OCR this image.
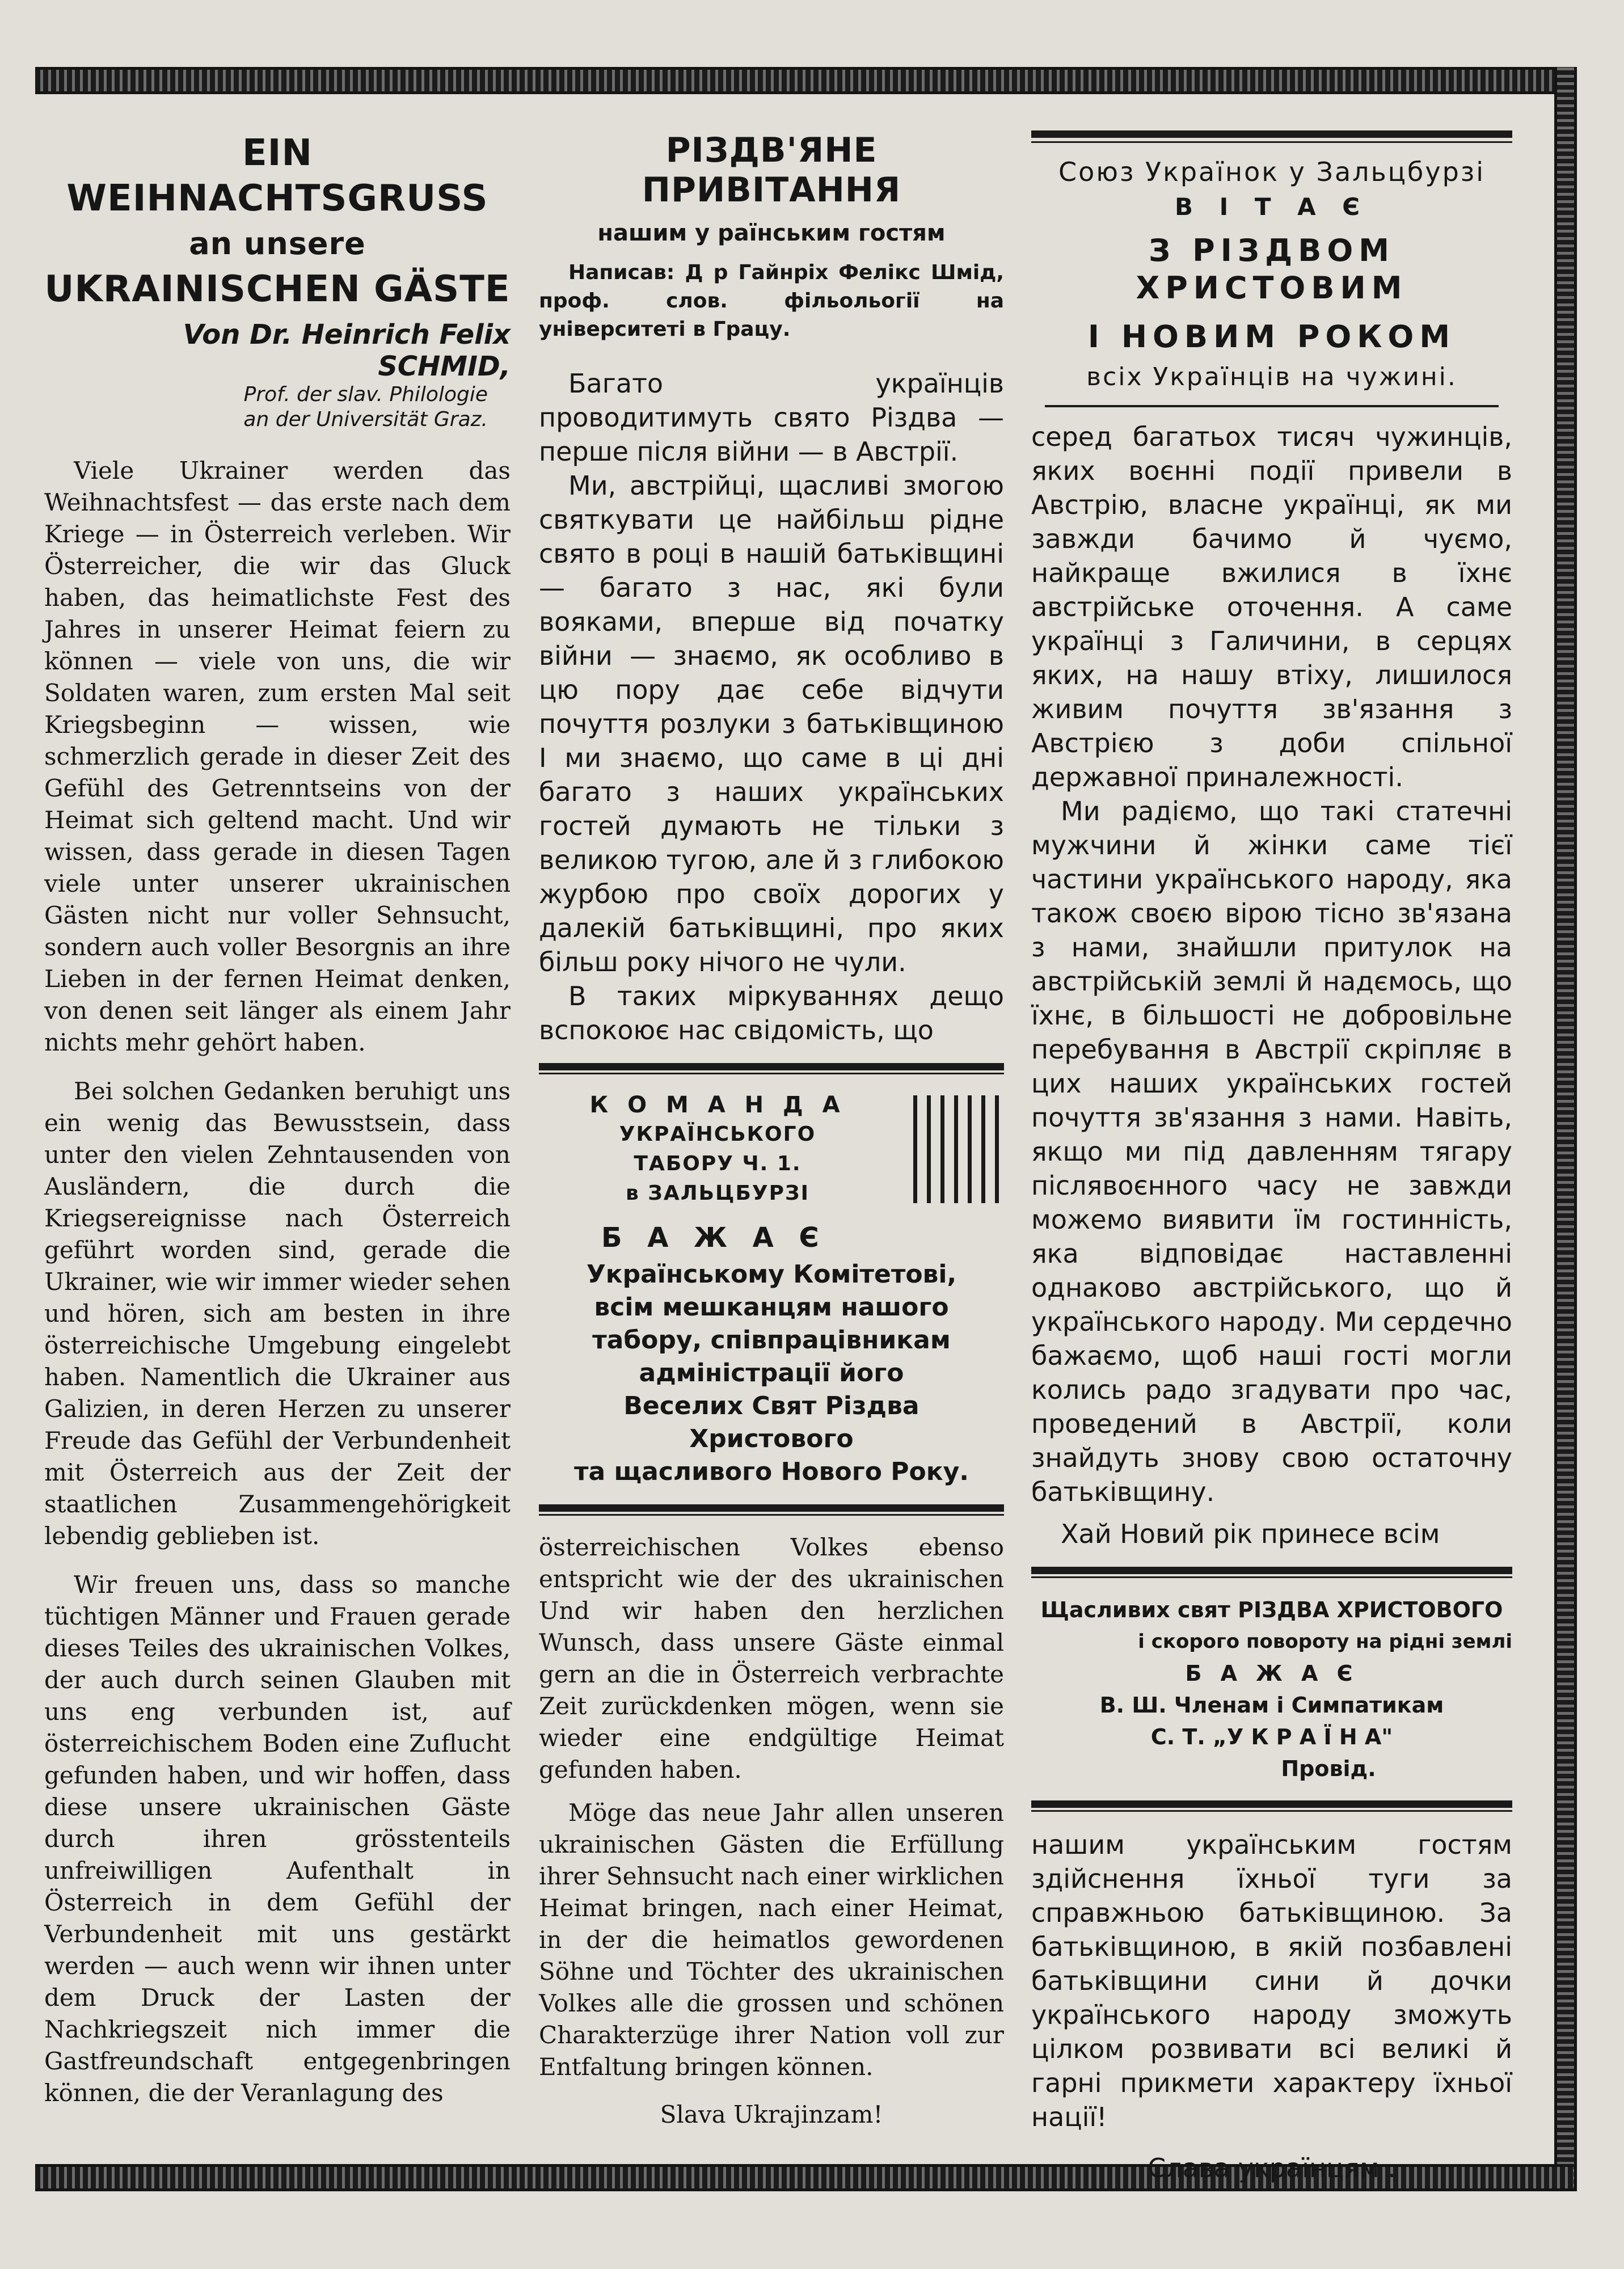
EIN WEIHNACHTSGRUSS
an unsere
UKRAINISCHEN GÄSTE
Von Dr. Heinrich Felix SCHMID,
Prof. der slav. Philologie
an der Universität Graz.

Viele Ukrainer werden das Weihnachtsfest — das erste nach dem Kriege — in Österreich verleben. Wir Österreicher, die wir das Gluck haben, das heimatlichste Fest des Jahres in unserer Heimat feiern zu können — viele von uns, die wir Soldaten waren, zum ersten Mal seit Kriegsbeginn — wissen, wie schmerzlich gerade in dieser Zeit des Gefühl des Getrenntseins von der Heimat sich geltend macht. Und wir wissen, dass gerade in diesen Tagen viele unter unserer ukrainischen Gästen nicht nur voller Sehnsucht, sondern auch voller Besorgnis an ihre Lieben in der fernen Heimat denken, von denen seit länger als einem Jahr nichts mehr gehört haben.

Bei solchen Gedanken beruhigt uns ein wenig das Bewusstsein, dass unter den vielen Zehntausenden von Ausländern, die durch die Kriegsereignisse nach Österreich geführt worden sind, gerade die Ukrainer, wie wir immer wieder sehen und hören, sich am besten in ihre österreichische Umgebung eingelebt haben. Namentlich die Ukrainer aus Galizien, in deren Herzen zu unserer Freude das Gefühl der Verbundenheit mit Österreich aus der Zeit der staatlichen Zusammengehörigkeit lebendig geblieben ist.

Wir freuen uns, dass so manche tüchtigen Männer und Frauen gerade dieses Teiles des ukrainischen Volkes, der auch durch seinen Glauben mit uns eng verbunden ist, auf österreichischem Boden eine Zuflucht gefunden haben, und wir hoffen, dass diese unsere ukrainischen Gäste durch ihren grösstenteils unfreiwilligen Aufenthalt in Österreich in dem Gefühl der Verbundenheit mit uns gestärkt werden — auch wenn wir ihnen unter dem Druck der Lasten der Nachkriegszeit nich immer die Gastfreundschaft entgegenbringen können, die der Veranlagung des

РІЗДВ'ЯНЕ ПРИВІТАННЯ
нашим у раїнським гостям

Написав: Д р Гайнріх Фелікс Шмід, проф. слов. фільольогії на університеті в Грацу.

Багато українців проводитимуть свято Різдва — перше після війни — в Австрії.

Ми, австрійці, щасливі змогою святкувати це найбільш рідне свято в році в нашій батьківщині — багато з нас, які були вояками, вперше від початку війни — знаємо, як особливо в цю пору дає себе відчути почуття розлуки з батьківщиною І ми знаємо, що саме в ці дні багато з наших українських гостей думають не тільки з великою тугою, але й з глибокою журбою про своїх дорогих у далекій батьківщині, про яких більш року нічого не чули.

В таких міркуваннях дещо вспокоює нас свідомість, що

К О М А Н Д А
УКРАЇНСЬКОГО
ТАБОРУ Ч. 1.
в ЗАЛЬЦБУРЗІ
Б А Ж А Є
Українському Комітетові,
всім мешканцям нашого
табору, співпрацівникам
адміністрації його
Веселих Свят Різдва Христового
та щасливого Нового Року.

österreichischen Volkes ebenso entspricht wie der des ukrainischen Und wir haben den herzlichen Wunsch, dass unsere Gäste einmal gern an die in Österreich verbrachte Zeit zurückdenken mögen, wenn sie wieder eine endgültige Heimat gefunden haben.

Möge das neue Jahr allen unseren ukrainischen Gästen die Erfüllung ihrer Sehnsucht nach einer wirklichen Heimat bringen, nach einer Heimat, in der die heimatlos gewordenen Söhne und Töchter des ukrainischen Volkes alle die grossen und schönen Charakterzüge ihrer Nation voll zur Entfaltung bringen können.

Slava Ukrajinzam!

Союз Українок у Зальцбурзі
В І Т А Є
З РІЗДВОМ ХРИСТОВИМ
І НОВИМ РОКОМ
всіх Українців на чужині.

серед багатьох тисяч чужинців, яких воєнні події привели в Австрію, власне українці, як ми завжди бачимо й чуємо, найкраще вжилися в їхнє австрійське оточення. А саме українці з Галичини, в серцях яких, на нашу втіху, лишилося живим почуття зв'язання з Австрією з доби спільної державної приналежності.

Ми радіємо, що такі статечні мужчини й жінки саме тієї частини українського народу, яка також своєю вірою тісно зв'язана з нами, знайшли притулок на австрійській землі й надємось, що їхнє, в більшості не добровільне перебування в Австрії скріпляє в цих наших українських гостей почуття зв'язання з нами. Навіть, якщо ми під давленням тягару післявоєнного часу не завжди можемо виявити їм гостинність, яка відповідає наставленні однаково австрійського, що й українського народу. Ми сердечно бажаємо, щоб наші гості могли колись радо згадувати про час, проведений в Австрії, коли знайдуть знову свою остаточну батьківщину.

Хай Новий рік принесе всім

Щасливих свят РІЗДВА ХРИСТОВОГО
і скорого повороту на рідні землі
Б А Ж А Є
В. Ш. Членам і Симпатикам
С. Т. „У К Р А Ї Н А"
Провід.

нашим українським гостям здійснення їхньої туги за справжньою батьківщиною. За батьківщиною, в якій позбавлені батьківщини сини й дочки українського народу зможуть цілком розвивати всі великі й гарні прикмети характеру їхньої нації!

Слава українцям .
